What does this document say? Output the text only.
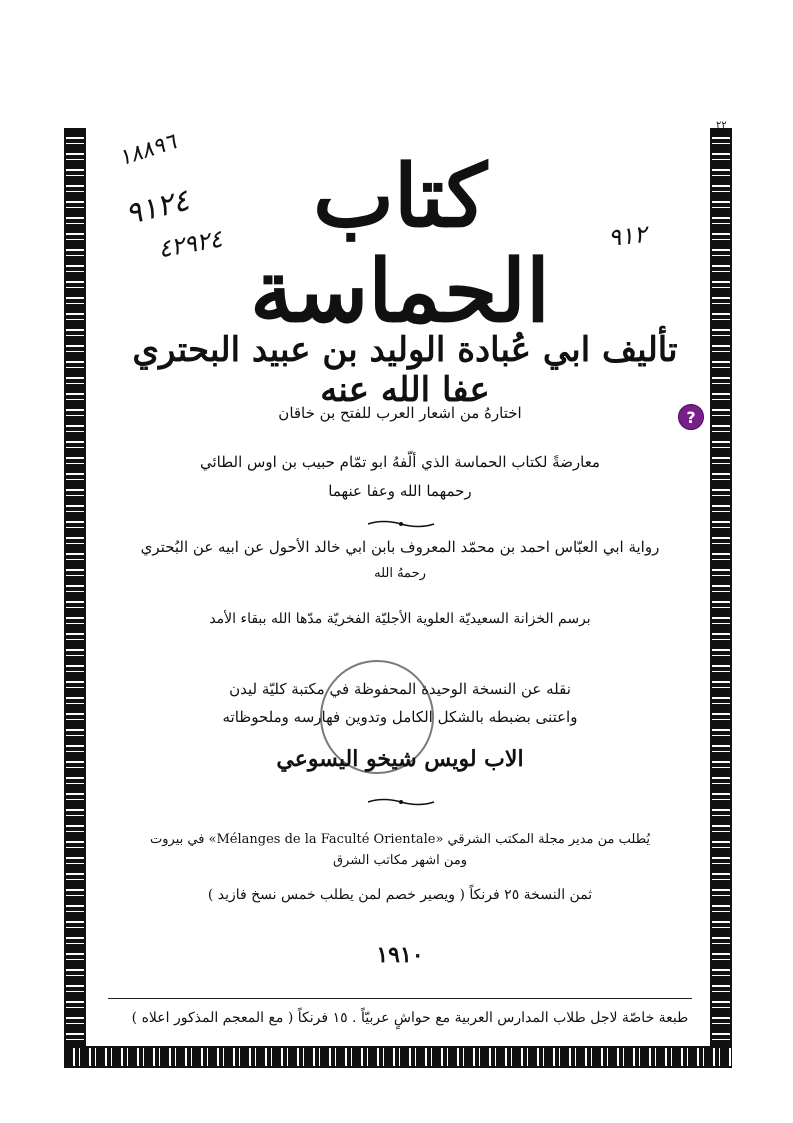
٢٢
١٨٨٩٦
٩١٢٤
٤٢٩٢٤	٩١٢
كتاب الحماسة
تأليف ابي عُبادة الوليد بن عبيد البحتري عفا الله عنه
اختارهُ من اشعار العرب للفتح بن خاقان
معارضةً لكتاب الحماسة الذي ألّفهُ ابو تمّام حبيب بن اوس الطائي
رحمهما الله وعفا عنهما
رواية ابي العبّاس احمد بن محمّد المعروف بابن ابي خالد الأحول عن ابيه عن البُحتري
رحمهُ الله
برسم الخزانة السعيديّة العلوية الأجليّة الفخريّة مدّها الله ببقاء الأمد
نقله عن النسخة الوحيدة المحفوظة في مكتبة كليّة ليدن
واعتنى بضبطه بالشكل الكامل وتدوين فهارسه وملحوظاته
الاب لويس شيخو اليسوعي
يُطلب من مدير مجلة المكتب الشرقي «Mélanges de la Faculté Orientale» في بيروت
ومن اشهر مكاتب الشرق
ثمن النسخة ٢٥ فرنكاً ( ويصير خصم لمن يطلب خمس نسخ فازيد )
١٩١٠
طبعة خاصّة لاجل طلاب المدارس العربية مع حواشٍ عربيّاً . ١٥ فرنكاً ( مع المعجم المذكور اعلاه )
?
